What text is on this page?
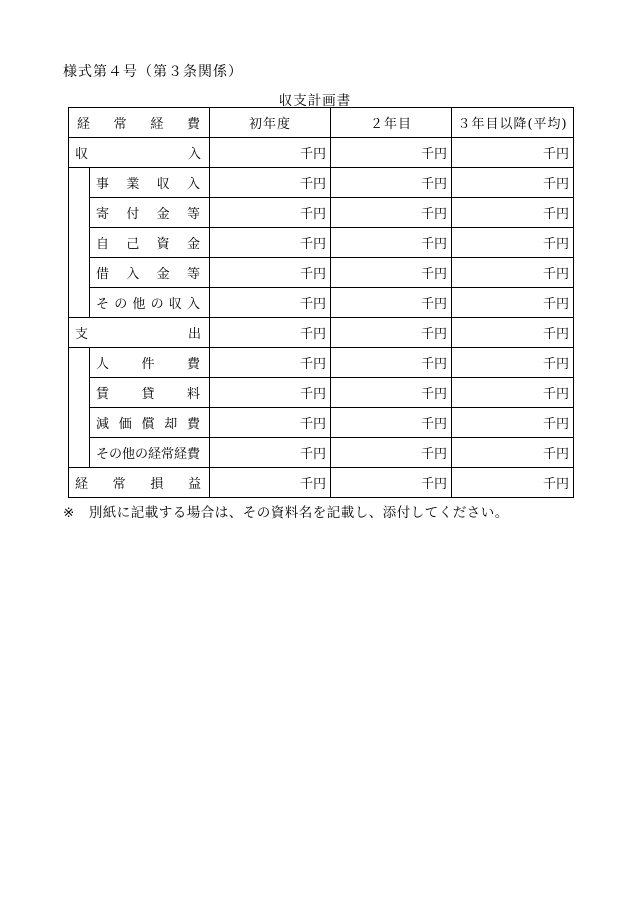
様式第４号（第３条関係）
収支計画書
経常経費		初年度	２年目	３年目以降(平均)
収入		千円	千円	千円
	事業収入	千円	千円	千円
	寄付金等	千円	千円	千円
	自己資金	千円	千円	千円
	借入金等	千円	千円	千円
	その他の収入	千円	千円	千円
支出		千円	千円	千円
	人件費	千円	千円	千円
	賃貸料	千円	千円	千円
	減価償却費	千円	千円	千円
	その他の経常経費	千円	千円	千円
経常損益		千円	千円	千円
※ 別紙に記載する場合は、その資料名を記載し、添付してください。
